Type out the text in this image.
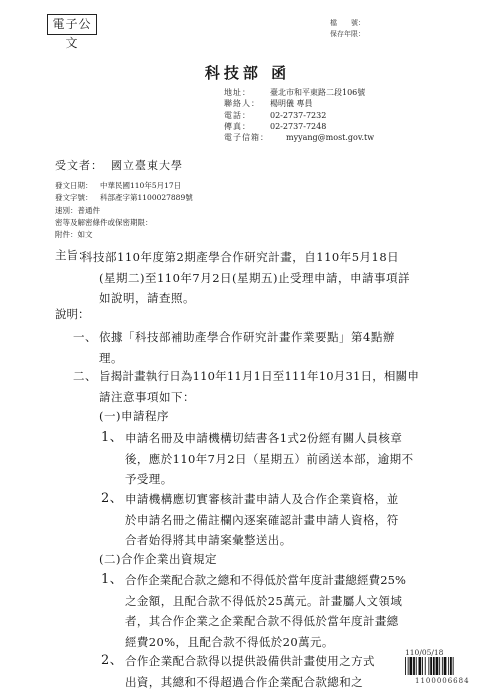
電子公文
檔　　號：
保存年限：
科技部 函
地址： 臺北市和平東路二段106號
聯絡人： 楊明儀 專員
電話： 02-2737-7232
傳真： 02-2737-7248
電子信箱： myyang@most.gov.tw
受文者： 國立臺東大學
發文日期： 中華民國110年5月17日
發文字號： 科部產字第1100027889號
速別：普通件
密等及解密條件或保密期限：
附件：如文
主旨：
科技部110年度第2期產學合作研究計畫，自110年5月18日
(星期二)至110年7月2日(星期五)止受理申請，申請事項詳
如說明，請查照。
說明：
一、 依據「科技部補助產學合作研究計畫作業要點」第4點辦
理。
二、 旨揭計畫執行日為110年11月1日至111年10月31日，相關申
請注意事項如下：
(一)申請程序
1、 申請名冊及申請機構切結書各1式2份經有關人員核章
後，應於110年7月2日（星期五）前函送本部，逾期不
予受理。
2、 申請機構應切實審核計畫申請人及合作企業資格，並
於申請名冊之備註欄內逐案確認計畫申請人資格，符
合者始得將其申請案彙整送出。
(二)合作企業出資規定
1、 合作企業配合款之總和不得低於當年度計畫總經費25%
之金額，且配合款不得低於25萬元。計畫屬人文領域
者，其合作企業之企業配合款不得低於當年度計畫總
經費20%，且配合款不得低於20萬元。
2、 合作企業配合款得以提供設備供計畫使用之方式
出資，其總和不得超過合作企業配合款總和之
110/05/18
1100006684
